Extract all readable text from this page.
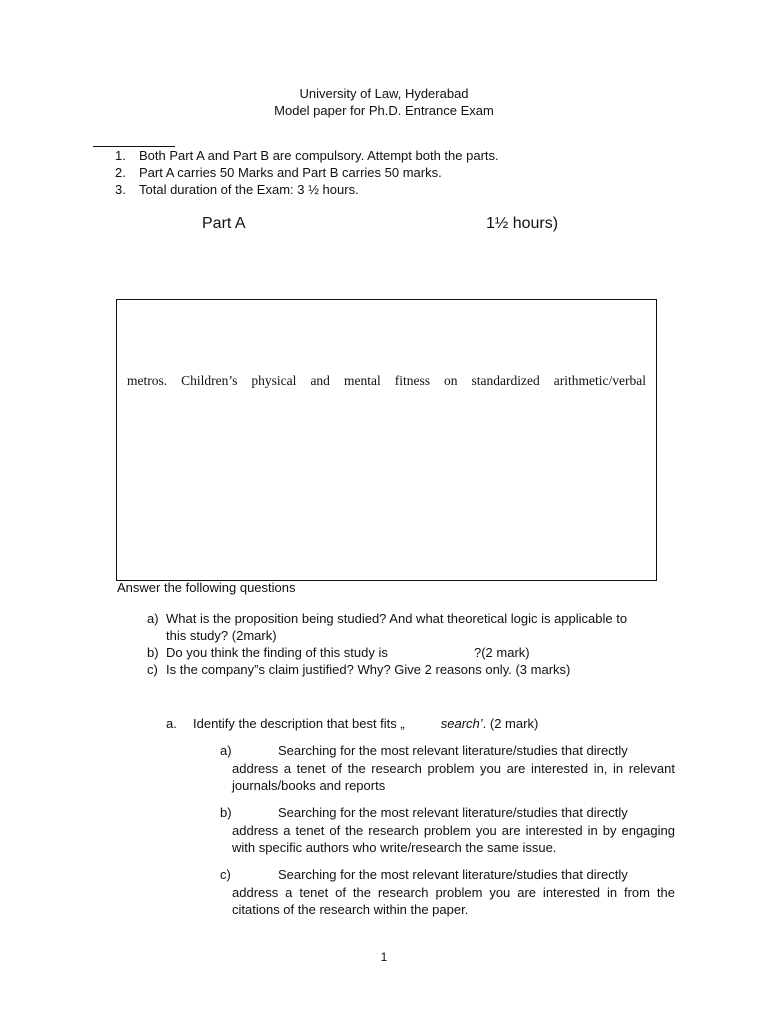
University of Law, Hyderabad
Model paper for Ph.D. Entrance Exam
1. Both Part A and Part B are compulsory. Attempt both the parts.
2. Part A carries 50 Marks and Part B carries 50 marks.
3. Total duration of the Exam: 3 ½ hours.
Part A	1½ hours)
metros. Children’s physical and mental fitness on standardized arithmetic/verbal
Answer the following questions
a) What is the proposition being studied? And what theoretical logic is applicable to
this study? (2mark)
b) Do you think the finding of this study is	?(2 mark)
c) Is the company”s claim justified? Why? Give 2 reasons only. (3 marks)
a. Identify the description that best fits „	search’. (2 mark)
a)	Searching for the most relevant literature/studies that directly
address a tenet of the research problem you are interested in, in relevant journals/books and reports
b)	Searching for the most relevant literature/studies that directly
address a tenet of the research problem you are interested in by engaging with specific authors who write/research the same issue.
c)	Searching for the most relevant literature/studies that directly
address a tenet of the research problem you are interested in from the citations of the research within the paper.
1
